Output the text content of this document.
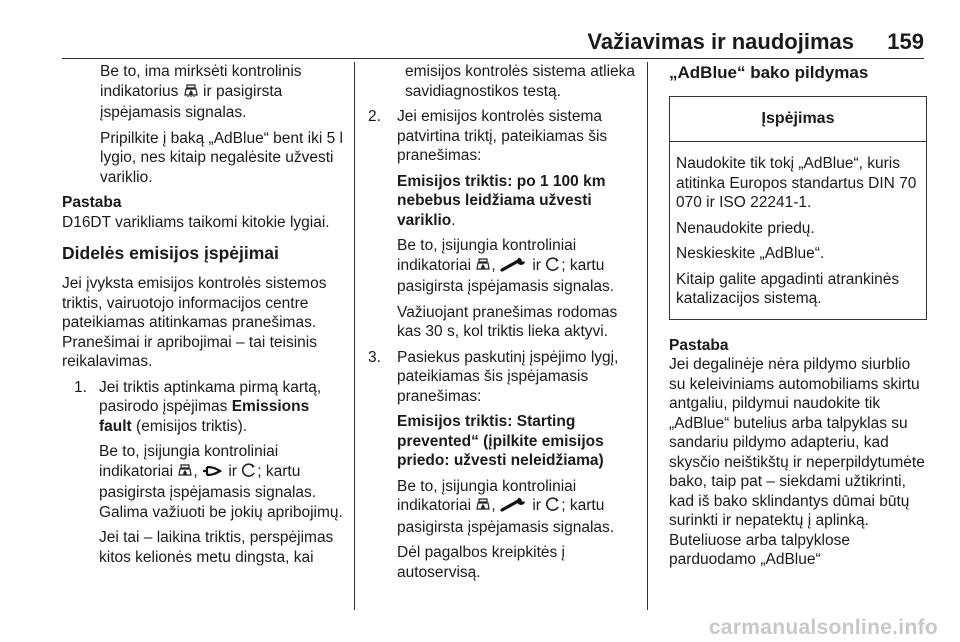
Važiavimas ir naudojimas 159

Be to, ima mirksėti kontrolinis indikatorius ir pasigirsta įspėjamasis signalas.

Pripilkite į baką „AdBlue“ bent iki 5 l lygio, nes kitaip negalėsite užvesti variklio.

Pastaba

D16DT varikliams taikomi kitokie lygiai.

Didelės emisijos įspėjimai

Jei įvyksta emisijos kontrolės sistemos triktis, vairuotojo informacijos centre pateikiamas atitinkamas pranešimas. Pranešimai ir apribojimai – tai teisinis reikalavimas.

1. Jei triktis aptinkama pirmą kartą, pasirodo įspėjimas Emissions fault (emisijos triktis).

Be to, įsijungia kontroliniai indikatoriai ,  ir ; kartu pasigirsta įspėjamasis signalas. Galima važiuoti be jokių apribojimų.

Jei tai – laikina triktis, perspėjimas kitos kelionės metu dingsta, kai

emisijos kontrolės sistema atlieka savidiagnostikos testą.

2. Jei emisijos kontrolės sistema patvirtina triktį, pateikiamas šis pranešimas:

Emisijos triktis: po 1 100 km nebebus leidžiama užvesti variklio.

Be to, įsijungia kontroliniai indikatoriai ,  ir ; kartu pasigirsta įspėjamasis signalas.

Važiuojant pranešimas rodomas kas 30 s, kol triktis lieka aktyvi.

3. Pasiekus paskutinį įspėjimo lygį, pateikiamas šis įspėjamasis pranešimas:

Emisijos triktis: Starting prevented“ (įpilkite emisijos priedo: užvesti neleidžiama)

Be to, įsijungia kontroliniai indikatoriai ,  ir ; kartu pasigirsta įspėjamasis signalas.

Dėl pagalbos kreipkitės į autoservisą.

„AdBlue“ bako pildymas
Įspėjimas

Naudokite tik tokį „AdBlue“, kuris atitinka Europos standartus DIN 70 070 ir ISO 22241-1.

Nenaudokite priedų.

Neskieskite „AdBlue“.

Kitaip galite apgadinti atrankinės katalizacijos sistemą.

Pastaba

Jei degalinėje nėra pildymo siurblio su keleiviniams automobiliams skirtu antgaliu, pildymui naudokite tik „AdBlue“ butelius arba talpyklas su sandariu pildymo adapteriu, kad skysčio neištikštų ir neperpildytumėte bako, taip pat – siekdami užtikrinti, kad iš bako sklindantys dūmai būtų surinkti ir nepatektų į aplinką. Buteliuose arba talpyklose parduodamo „AdBlue“

carmanualsonline.info
